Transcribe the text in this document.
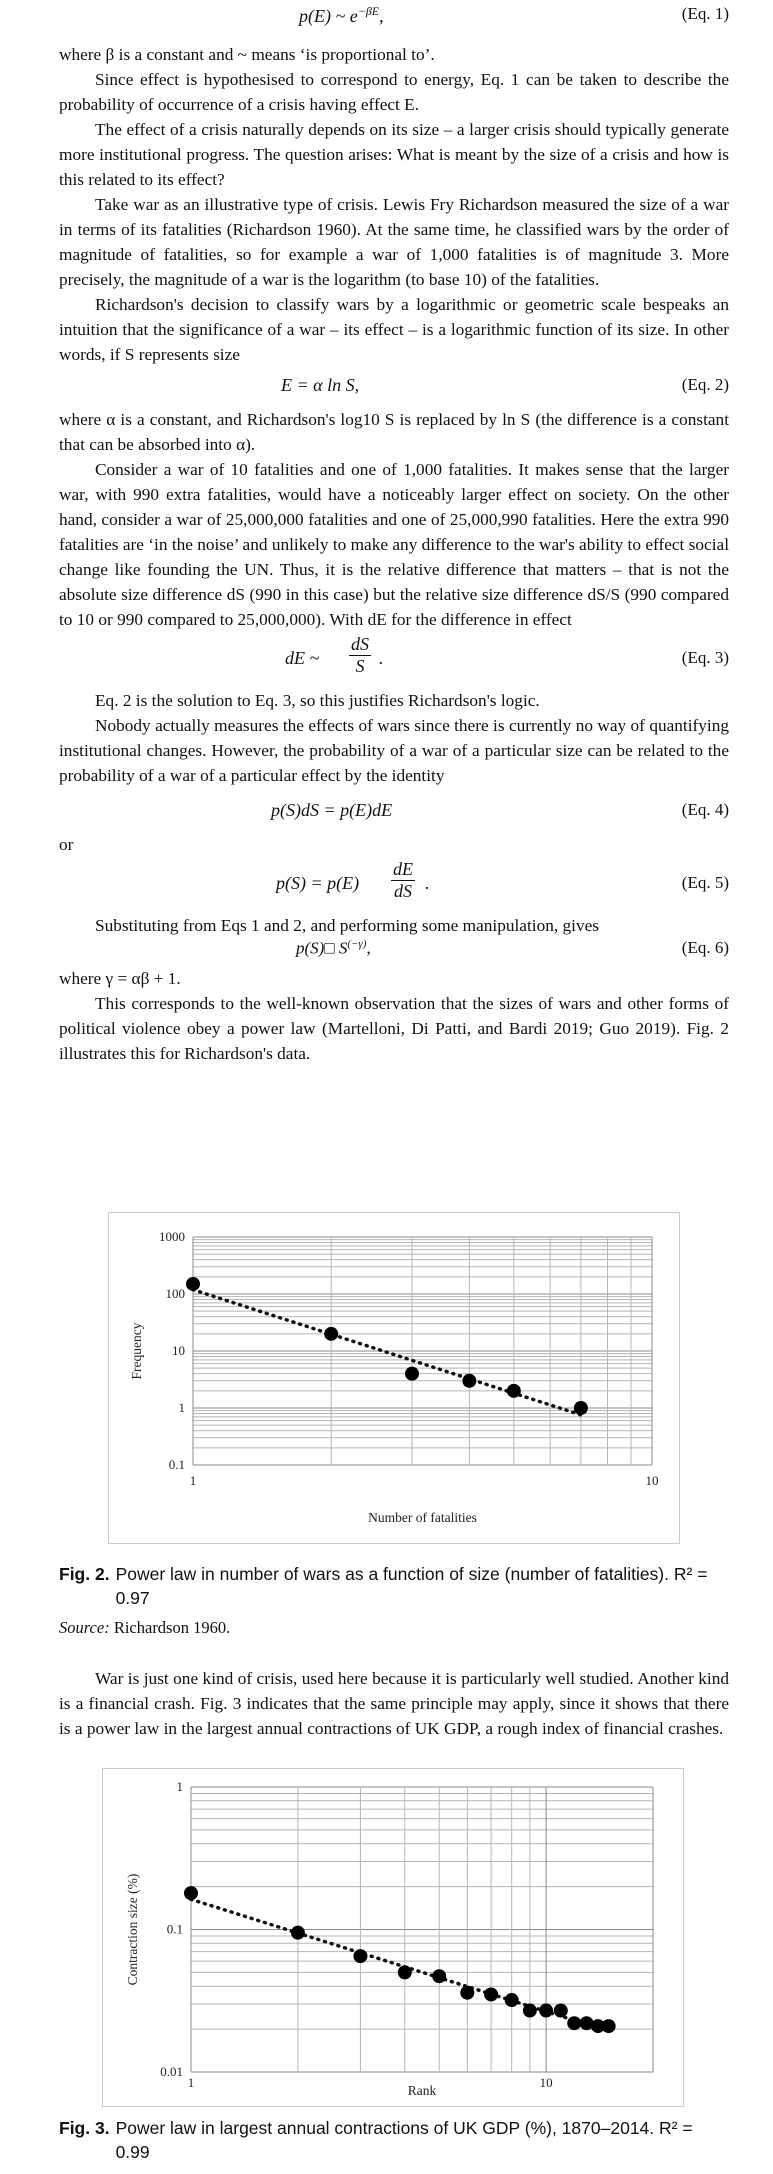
p(E) ~ $e^{-\beta E}$,	(Eq. 1)

where β is a constant and ~ means ‘is proportional to’.

Since effect is hypothesised to correspond to energy, Eq. 1 can be taken to describe the probability of occurrence of a crisis having effect E.

The effect of a crisis naturally depends on its size – a larger crisis should typically generate more institutional progress. The question arises: What is meant by the size of a crisis and how is this related to its effect?

Take war as an illustrative type of crisis. Lewis Fry Richardson measured the size of a war in terms of its fatalities (Richardson 1960). At the same time, he classified wars by the order of magnitude of fatalities, so for example a war of 1,000 fatalities is of magnitude 3. More precisely, the magnitude of a war is the logarithm (to base 10) of the fatalities.

Richardson's decision to classify wars by a logarithmic or geometric scale bespeaks an intuition that the significance of a war – its effect – is a logarithmic function of its size. In other words, if S represents size

E = α ln S,	(Eq. 2)

where α is a constant, and Richardson's log10 S is replaced by ln S (the difference is a constant that can be absorbed into α).

Consider a war of 10 fatalities and one of 1,000 fatalities. It makes sense that the larger war, with 990 extra fatalities, would have a noticeably larger effect on society. On the other hand, consider a war of 25,000,000 fatalities and one of 25,000,990 fatalities. Here the extra 990 fatalities are ‘in the noise’ and unlikely to make any difference to the war's ability to effect social change like founding the UN. Thus, it is the relative difference that matters – that is not the absolute size difference dS (990 in this case) but the relative size difference dS/S (990 compared to 10 or 990 compared to 25,000,000). With dE for the difference in effect

dE ~ $\frac{dS}{S}$ .	(Eq. 3)

Eq. 2 is the solution to Eq. 3, so this justifies Richardson's logic.

Nobody actually measures the effects of wars since there is currently no way of quantifying institutional changes. However, the probability of a war of a particular size can be related to the probability of a war of a particular effect by the identity

p(S)dS = p(E)dE	(Eq. 4)

or

$p(S) = p(E) \frac{dE}{dS}$ .	(Eq. 5)

Substituting from Eqs 1 and 2, and performing some manipulation, gives

p(S)□ $S^{(-\gamma)}$,	(Eq. 6)

where γ = αβ + 1.

This corresponds to the well-known observation that the sizes of wars and other forms of political violence obey a power law (Martelloni, Di Patti, and Bardi 2019; Guo 2019). Fig. 2 illustrates this for Richardson's data.

1000
100
10
1
0.1
1	10
Number of fatalities
Frequency
Fig. 2. Power law in number of wars as a function of size (number of fatalities). R² = 0.97
Source: Richardson 1960.

War is just one kind of crisis, used here because it is particularly well studied. Another kind is a financial crash. Fig. 3 indicates that the same principle may apply, since it shows that there is a power law in the largest annual contractions of UK GDP, a rough index of financial crashes.

1
0.1
0.01
1	10
Rank
Contraction size (%)
Fig. 3. Power law in largest annual contractions of UK GDP (%), 1870–2014. R² = 0.99
